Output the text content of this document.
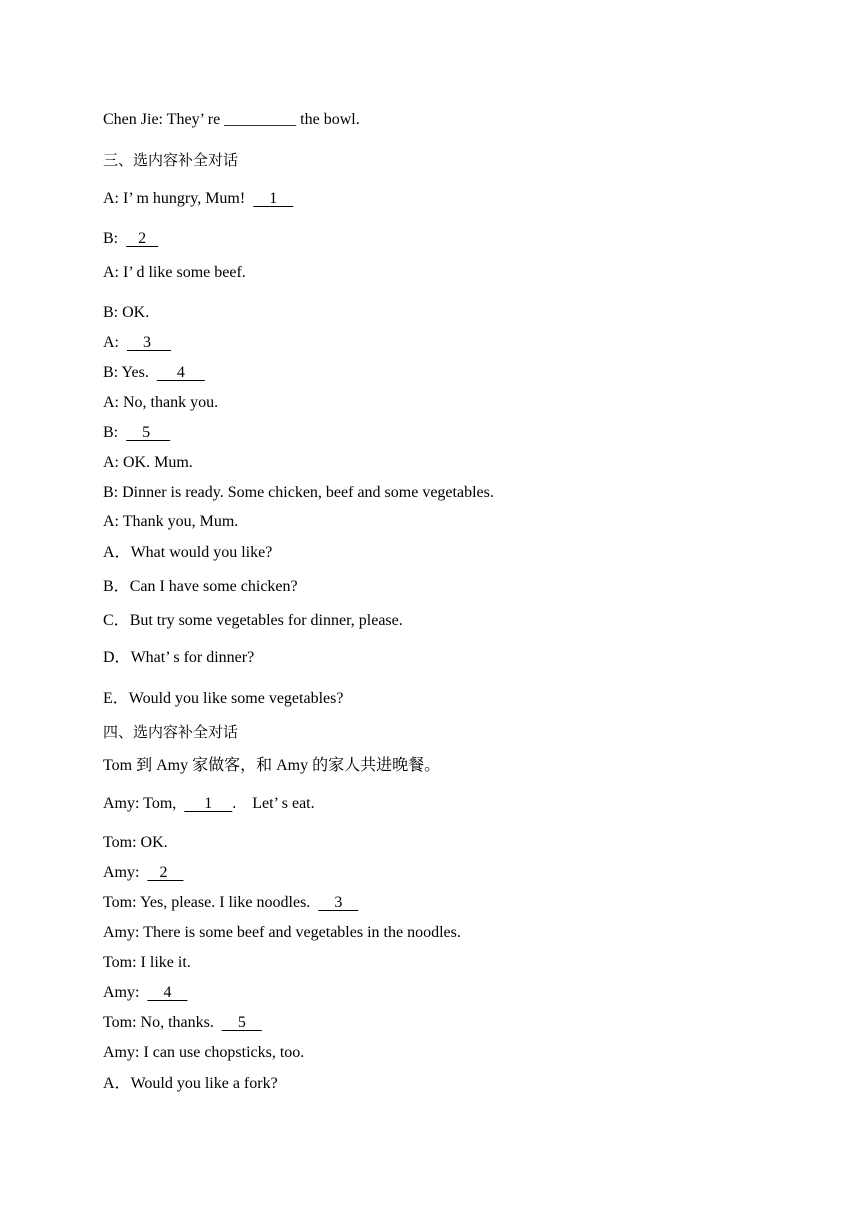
Chen Jie: They’ re _________ the bowl.
三、选内容补全对话
A: I’ m hungry, Mum! 1
B: 2
A: I’ d like some beef.
B: OK.
A: 3
B: Yes. 4
A: No, thank you.
B: 5
A: OK. Mum.
B: Dinner is ready. Some chicken, beef and some vegetables.
A: Thank you, Mum.
A．What would you like?
B．Can I have some chicken?
C．But try some vegetables for dinner, please.
D．What’ s for dinner?
E．Would you like some vegetables?
四、选内容补全对话
Tom 到 Amy 家做客，和 Amy 的家人共进晚餐。
Amy: Tom, 1 .    Let’ s eat.
Tom: OK.
Amy: 2
Tom: Yes, please. I like noodles. 3
Amy: There is some beef and vegetables in the noodles.
Tom: I like it.
Amy: 4
Tom: No, thanks. 5
Amy: I can use chopsticks, too.
A．Would you like a fork?
